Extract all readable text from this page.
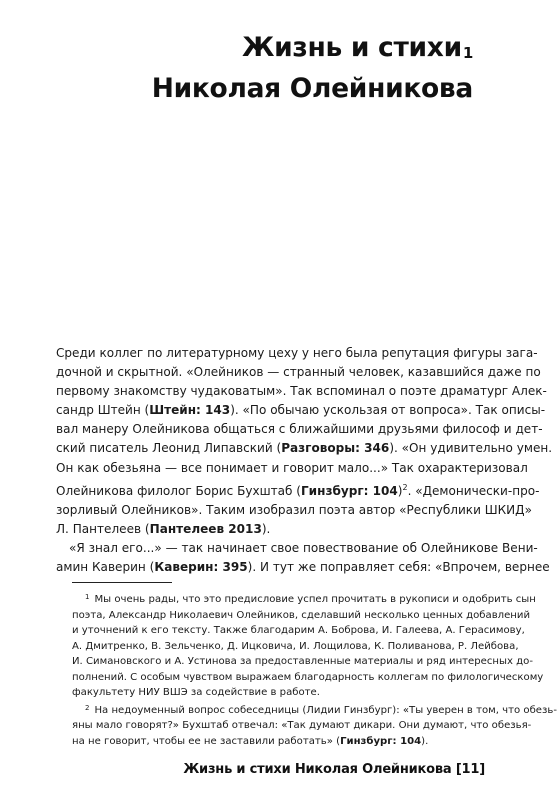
Жизнь и стихи$^1$
Николая Олейникова
Среди коллег по литературному цеху у него была репутация фигуры зага-
дочной и скрытной. «Олейников — странный человек, казавшийся даже по
первому знакомству чудаковатым». Так вспоминал о поэте драматург Алек-
сандр Штейн (Штейн: 143). «По обычаю ускользая от вопроса». Так описы-
вал манеру Олейникова общаться с ближайшими друзьями философ и дет-
ский писатель Леонид Липавский (Разговоры: 346). «Он удивительно умен.
Он как обезьяна — все понимает и говорит мало...» Так охарактеризовал
Олейникова филолог Борис Бухштаб (Гинзбург: 104)$^2$. «Демонически-про-
зорливый Олейников». Таким изобразил поэта автор «Республики ШКИД»
Л. Пантелеев (Пантелеев 2013).
«Я знал его...» — так начинает свое повествование об Олейникове Вени-
амин Каверин (Каверин: 395). И тут же поправляет себя: «Впрочем, вернее
$^1$ Мы очень рады, что это предисловие успел прочитать в рукописи и одобрить сын
поэта, Александр Николаевич Олейников, сделавший несколько ценных добавлений
и уточнений к его тексту. Также благодарим А. Боброва, И. Галеева, А. Герасимову,
А. Дмитренко, В. Зельченко, Д. Ицковича, И. Лощилова, К. Поливанова, Р. Лейбова,
И. Симановского и А. Устинова за предоставленные материалы и ряд интересных до-
полнений. С особым чувством выражаем благодарность коллегам по филологическому
факультету НИУ ВШЭ за содействие в работе.
$^2$ На недоуменный вопрос собеседницы (Лидии Гинзбург): «Ты уверен в том, что обезь-
яны мало говорят?» Бухштаб отвечал: «Так думают дикари. Они думают, что обезья-
на не говорит, чтобы ее не заставили работать» (Гинзбург: 104).
Жизнь и стихи Николая Олейникова [11]
